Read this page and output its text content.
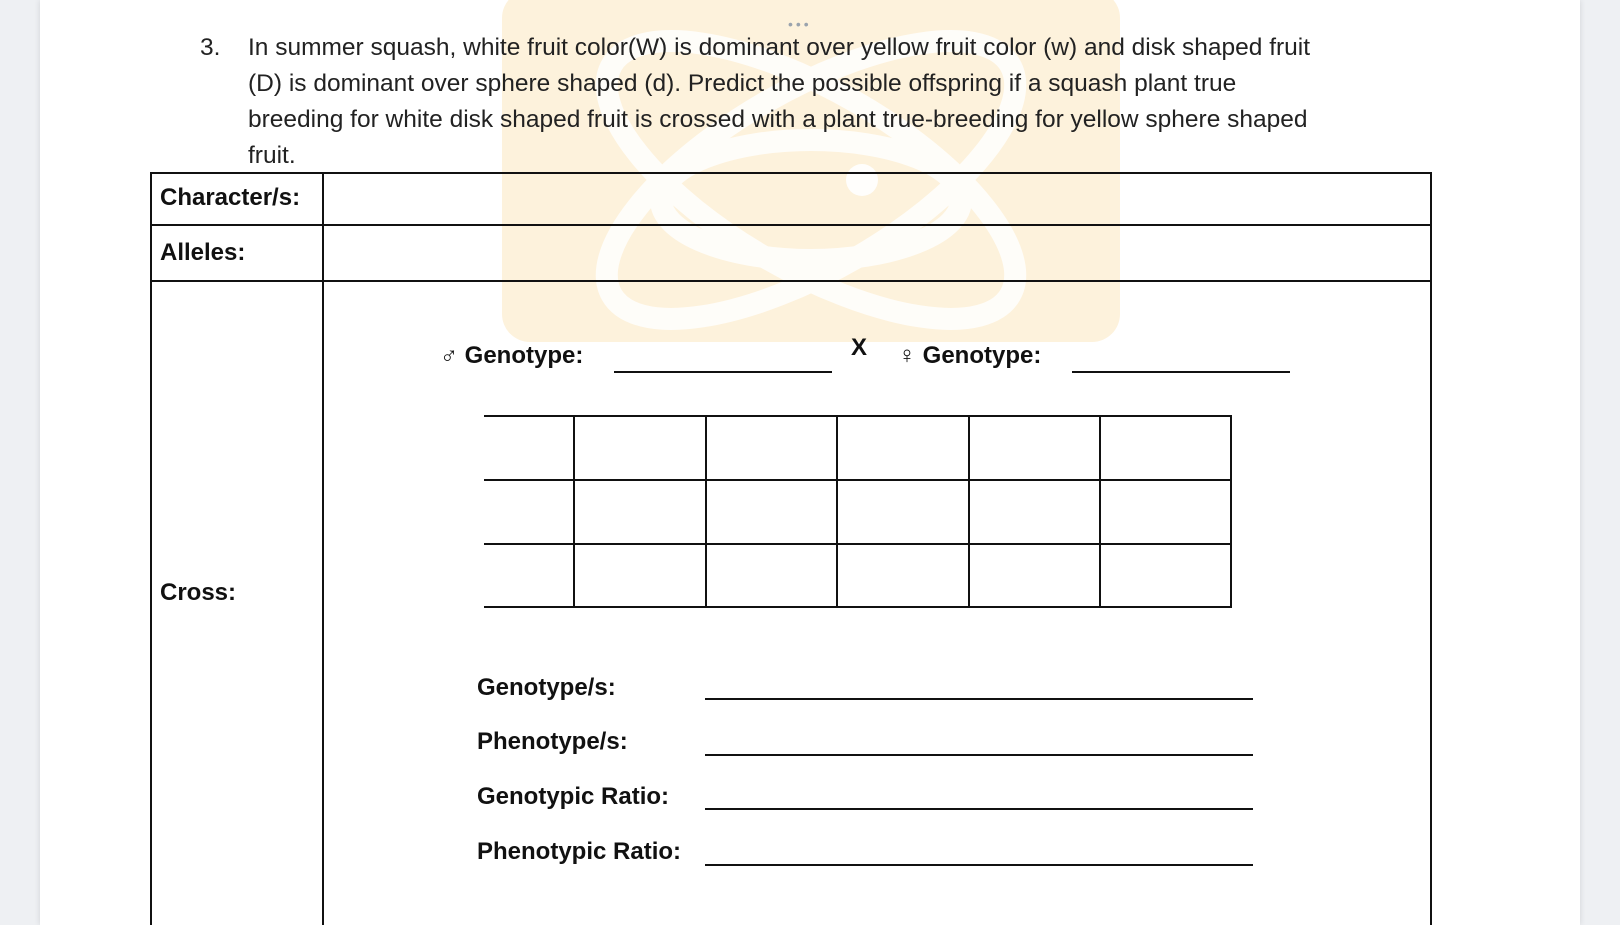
•••
3.	In summer squash, white fruit color(W) is dominant over yellow fruit color (w) and disk shaped fruit
(D) is dominant over sphere shaped (d). Predict the possible offspring if a squash plant true
breeding for white disk shaped fruit is crossed with a plant true-breeding for yellow sphere shaped
fruit.
Character/s:
Alleles:
Cross:
♂ Genotype:	X ♀ Genotype:
Genotype/s:
Phenotype/s:
Genotypic Ratio:
Phenotypic Ratio:
